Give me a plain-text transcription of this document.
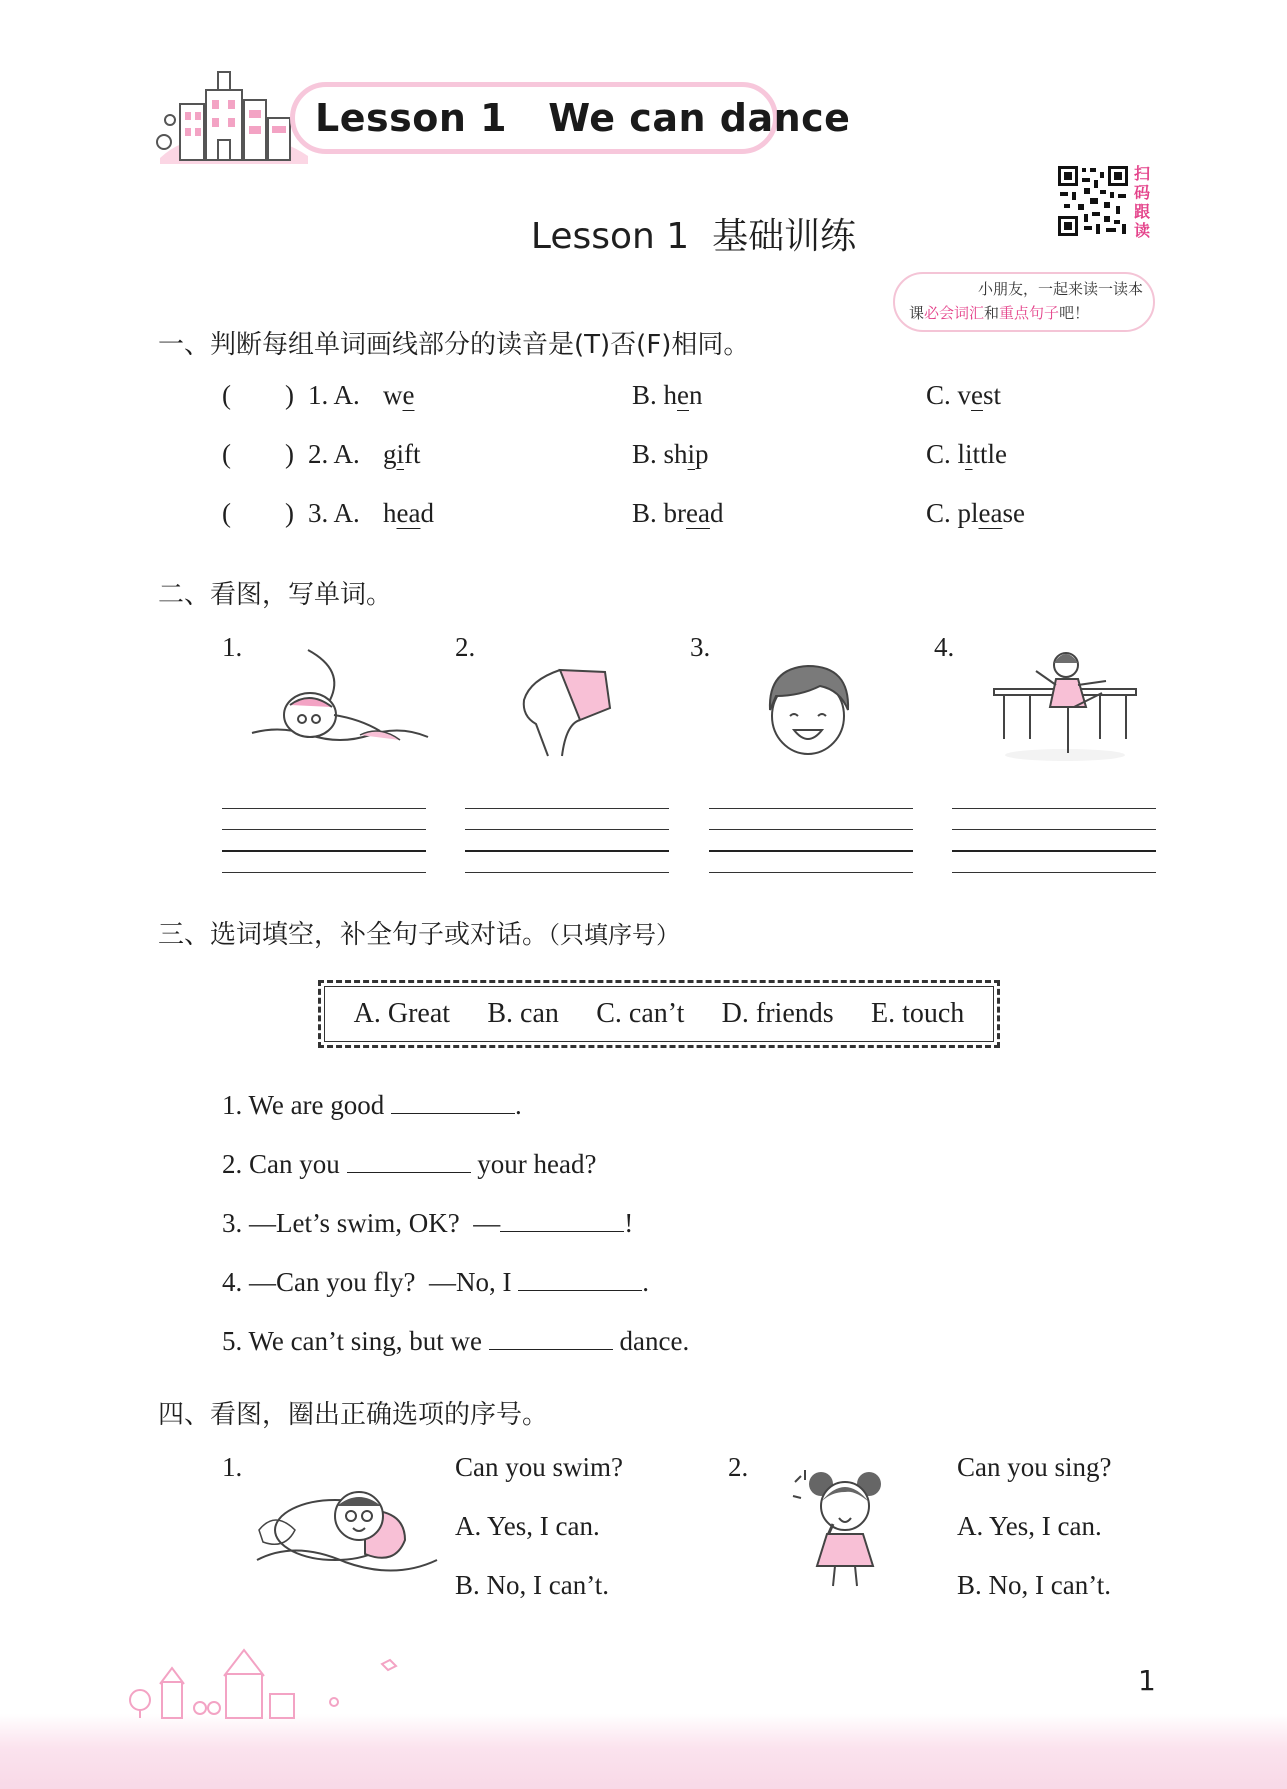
Lesson 1   We can dance
Lesson 1  基础训练
扫码跟读
小朋友，一起来读一读本
课必会词汇和重点句子吧！
一、判断每组单词画线部分的读音是(T)否(F)相同。
(        ) 1. A. we	B. hen	C. vest
(        ) 2. A. gift	B. ship	C. little
(        ) 3. A. head	B. bread	C. please
二、看图，写单词。
1.	2.	3.	4.
三、选词填空，补全句子或对话。（只填序号）
A. Great B. can C. can’t D. friends E. touch
1. We are good	.
2. Can you	your head?
3. —Let’s swim, OK?  —	!
4. —Can you fly?  —No, I	.
5. We can’t sing, but we	dance.
四、看图，圈出正确选项的序号。
1.	Can you swim?
A. Yes, I can.
B. No, I can’t.
2.	Can you sing?
A. Yes, I can.
B. No, I can’t.
1
